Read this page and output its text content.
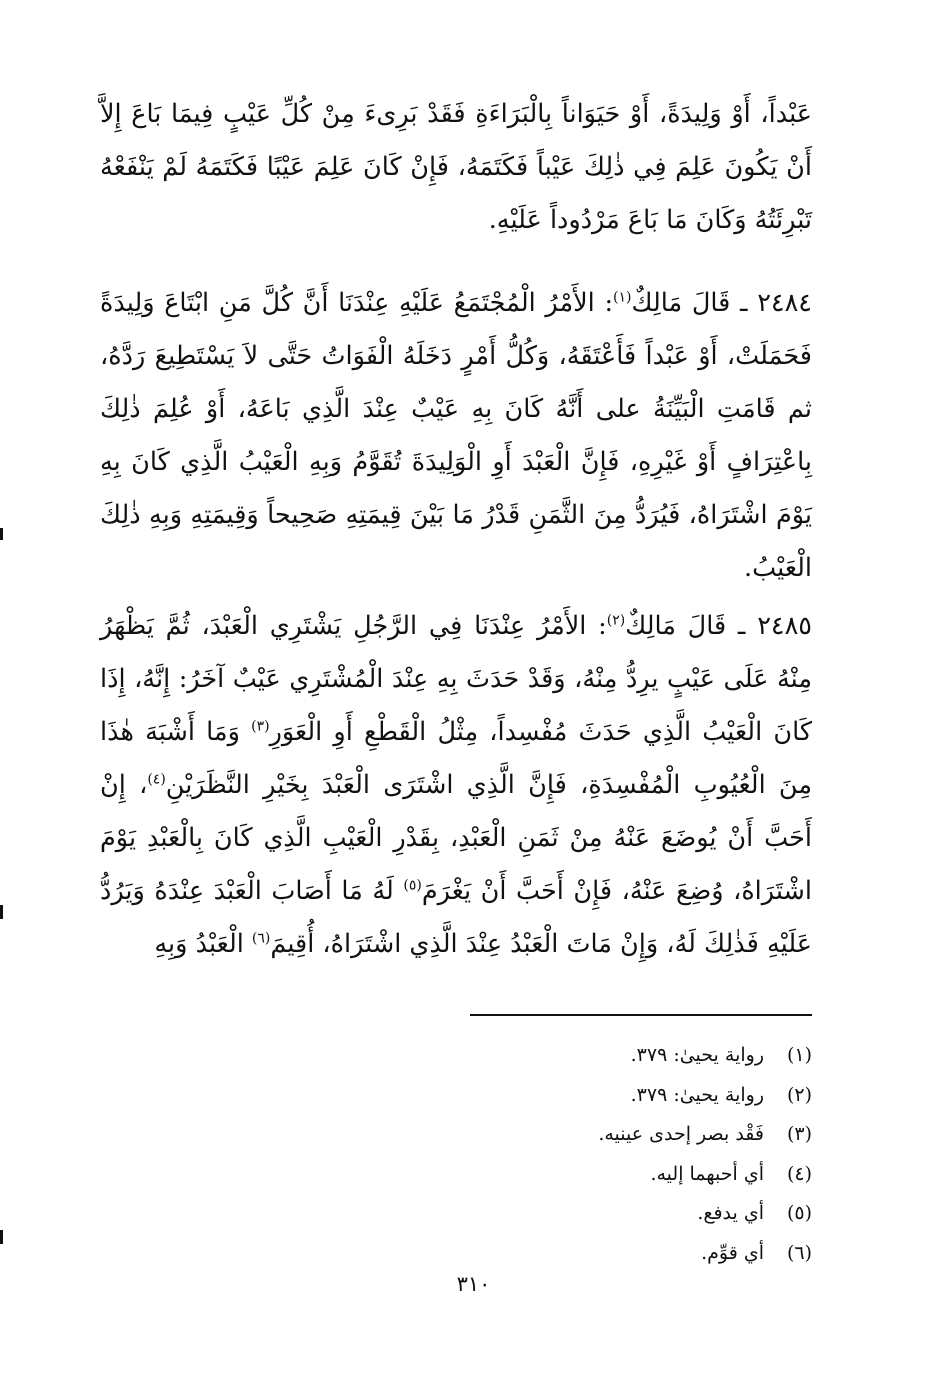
عَبْداً، أَوْ وَلِيدَةً، أَوْ حَيَوَاناً بِالْبَرَاءَةِ فَقَدْ بَرِىءَ مِنْ كُلِّ عَيْبٍ فِيمَا بَاعَ إِلاَّ أَنْ يَكُونَ عَلِمَ فِي ذٰلِكَ عَيْباً فَكَتَمَهُ، فَإِنْ كَانَ عَلِمَ عَيْبًا فَكَتَمَهُ لَمْ يَنْفَعْهُ تَبْرِئَتُهُ وَكَانَ مَا بَاعَ مَرْدُوداً عَلَيْهِ.

٢٤٨٤ ـ قَالَ مَالِكٌ$^{(١)}$: الأَمْرُ الْمُجْتَمَعُ عَلَيْهِ عِنْدَنَا أَنَّ كُلَّ مَنِ ابْتَاعَ وَلِيدَةً فَحَمَلَتْ، أَوْ عَبْداً فَأَعْتَقَهُ، وَكُلُّ أَمْرٍ دَخَلَهُ الْفَوَاتُ حَتَّى لاَ يَسْتَطِيعَ رَدَّهُ، ثم قَامَتِ الْبَيِّنَةُ على أَنَّهُ كَانَ بِهِ عَيْبٌ عِنْدَ الَّذِي بَاعَهُ، أَوْ عُلِمَ ذٰلِكَ بِاعْتِرَافٍ أَوْ غَيْرِهِ، فَإِنَّ الْعَبْدَ أَوِ الْوَلِيدَةَ تُقَوَّمُ وَبِهِ الْعَيْبُ الَّذِي كَانَ بِهِ يَوْمَ اشْتَرَاهُ، فَيُرَدُّ مِنَ الثَّمَنِ قَدْرُ مَا بَيْنَ قِيمَتِهِ صَحِيحاً وَقِيمَتِهِ وَبِهِ ذٰلِكَ الْعَيْبُ.

٢٤٨٥ ـ قَالَ مَالِكٌ$^{(٢)}$: الأَمْرُ عِنْدَنَا فِي الرَّجُلِ يَشْتَرِي الْعَبْدَ، ثُمَّ يَظْهَرُ مِنْهُ عَلَى عَيْبٍ يرِدُّ مِنْهُ، وَقَدْ حَدَثَ بِهِ عِنْدَ الْمُشْتَرِي عَيْبٌ آخَرُ: إِنَّهُ، إِذَا كَانَ الْعَيْبُ الَّذِي حَدَثَ مُفْسِداً، مِثْلُ الْقَطْعِ أَوِ الْعَوَرِ$^{(٣)}$ وَمَا أَشْبَهَ هٰذَا مِنَ الْعُيُوبِ الْمُفْسِدَةِ، فَإِنَّ الَّذِي اشْتَرَى الْعَبْدَ بِخَيْرِ النَّظَرَيْنِ$^{(٤)}$، إِنْ أَحَبَّ أَنْ يُوضَعَ عَنْهُ مِنْ ثَمَنِ الْعَبْدِ، بِقَدْرِ الْعَيْبِ الَّذِي كَانَ بِالْعَبْدِ يَوْمَ اشْتَرَاهُ، وُضِعَ عَنْهُ، فَإِنْ أَحَبَّ أَنْ يَغْرَمَ$^{(٥)}$ لَهُ مَا أَصَابَ الْعَبْدَ عِنْدَهُ وَيَرُدُّ عَلَيْهِ فَذٰلِكَ لَهُ، وَإِنْ مَاتَ الْعَبْدُ عِنْدَ الَّذِي اشْتَرَاهُ، أُقِيمَ$^{(٦)}$ الْعَبْدُ وَبِهِ

(١)رواية يحيىٰ: ٣٧٩.
(٢)رواية يحيىٰ: ٣٧٩.
(٣)فَقْد بصر إحدى عينيه.
(٤)أي أحبهما إليه.
(٥)أي يدفع.
(٦)أي قوِّم.
٣١٠
